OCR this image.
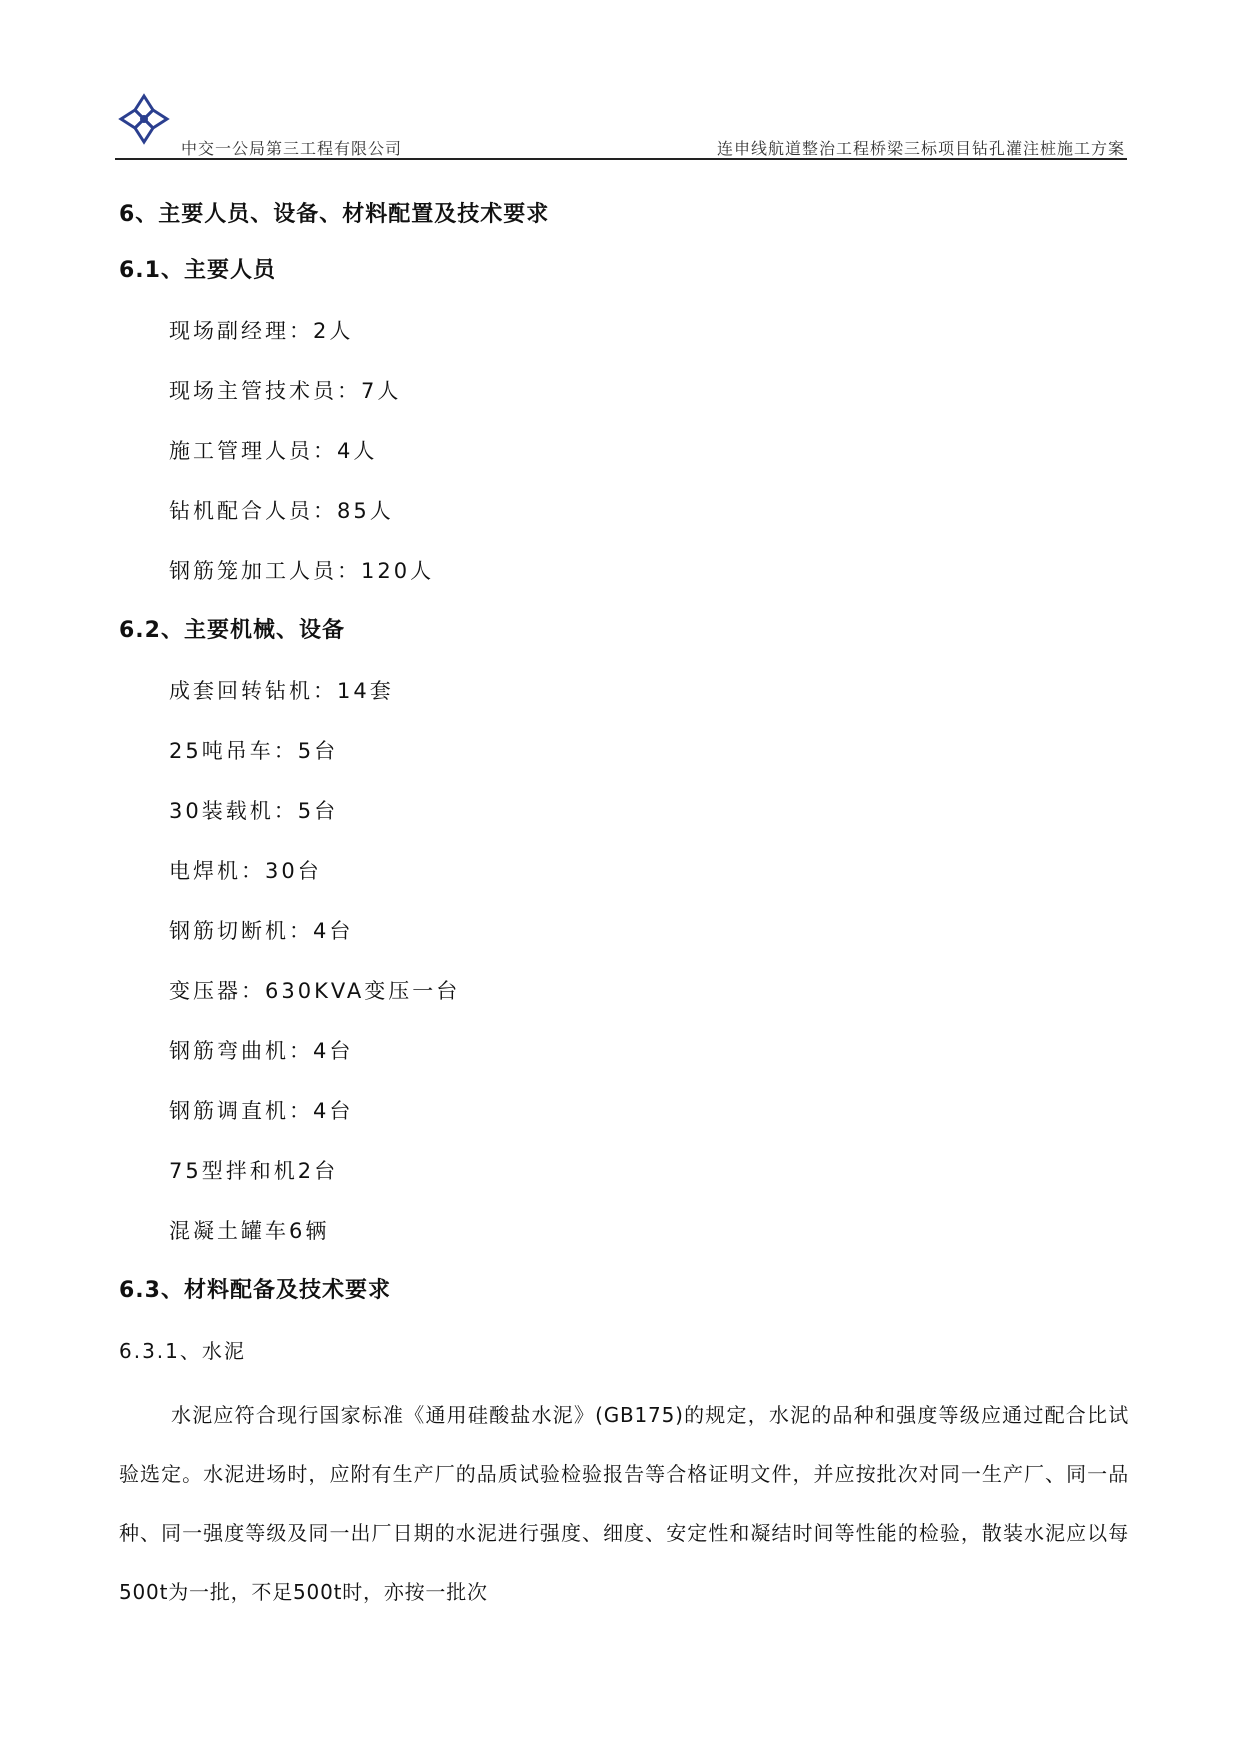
中交一公局第三工程有限公司	连申线航道整治工程桥梁三标项目钻孔灌注桩施工方案
6、主要人员、设备、材料配置及技术要求
6.1、主要人员
现场副经理：2人
现场主管技术员：7人
施工管理人员：4人
钻机配合人员：85人
钢筋笼加工人员：120人
6.2、主要机械、设备
成套回转钻机：14套
25吨吊车：5台
30装载机：5台
电焊机：30台
钢筋切断机：4台
变压器：630KVA变压一台
钢筋弯曲机：4台
钢筋调直机：4台
75型拌和机2台
混凝土罐车6辆
6.3、材料配备及技术要求
6.3.1、水泥
水泥应符合现行国家标准《通用硅酸盐水泥》(GB175)的规定，水泥的品种和强度等级应通过配合比试验选定。水泥进场时，应附有生产厂的品质试验检验报告等合格证明文件，并应按批次对同一生产厂、同一品种、同一强度等级及同一出厂日期的水泥进行强度、细度、安定性和凝结时间等性能的检验，散装水泥应以每500t为一批，不足500t时，亦按一批次
